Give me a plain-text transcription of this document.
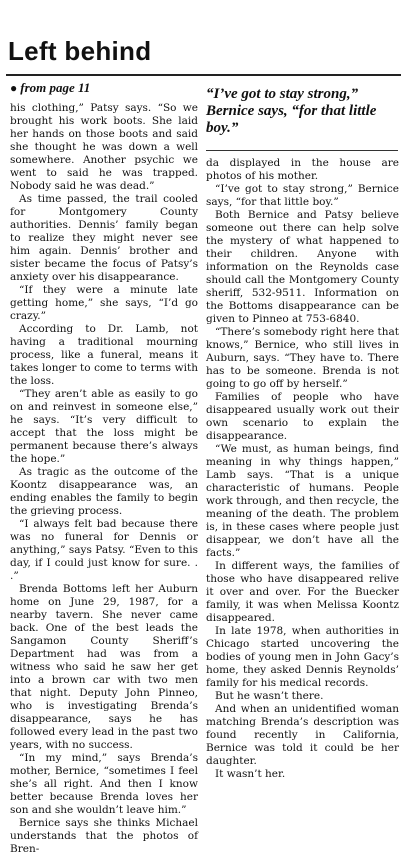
Left behind
● from page 11

his clothing,” Patsy says. “So we brought his work boots. She laid her hands on those boots and said she thought he was down a well somewhere. Another psychic we went to said he was trapped. Nobody said he was dead.”

As time passed, the trail cooled for Montgomery County authorities. Dennis’ family began to realize they might never see him again. Dennis’ brother and sister became the focus of Patsy’s anxiety over his disappearance.

“If they were a minute late getting home,” she says, “I’d go crazy.”

According to Dr. Lamb, not having a traditional mourning process, like a funeral, means it takes longer to come to terms with the loss.

“They aren’t able as easily to go on and reinvest in someone else,” he says. “It’s very difficult to accept that the loss might be permanent because there’s always the hope.”

As tragic as the outcome of the Koontz disappearance was, an ending enables the family to begin the grieving process.

“I always felt bad because there was no funeral for Dennis or anything,” says Patsy. “Even to this day, if I could just know for sure. . .”

Brenda Bottoms left her Auburn home on June 29, 1987, for a nearby tavern. She never came back. One of the best leads the Sangamon County Sheriff’s Department had was from a witness who said he saw her get into a brown car with two men that night. Deputy John Pinneo, who is investigating Brenda’s disappearance, says he has followed every lead in the past two years, with no success.

“In my mind,” says Brenda’s mother, Bernice, “sometimes I feel she’s all right. And then I know better because Brenda loves her son and she wouldn’t leave him.”

Bernice says she thinks Michael understands that the photos of Bren-

“I’ve got to stay strong,” Bernice says, “for that little boy.”

da displayed in the house are photos of his mother.

“I’ve got to stay strong,” Bernice says, “for that little boy.”

Both Bernice and Patsy believe someone out there can help solve the mystery of what happened to their children. Anyone with information on the Reynolds case should call the Montgomery County sheriff, 532-9511. Information on the Bottoms disappearance can be given to Pinneo at 753-6840.

“There’s somebody right here that knows,” Bernice, who still lives in Auburn, says. “They have to. There has to be someone. Brenda is not going to go off by herself.”

Families of people who have disappeared usually work out their own scenario to explain the disappearance.

“We must, as human beings, find meaning in why things happen,” Lamb says. “That is a unique characteristic of humans. People work through, and then recycle, the meaning of the death. The problem is, in these cases where people just disappear, we don’t have all the facts.”

In different ways, the families of those who have disappeared relive it over and over. For the Buecker family, it was when Melissa Koontz disappeared.

In late 1978, when authorities in Chicago started uncovering the bodies of young men in John Gacy’s home, they asked Dennis Reynolds’ family for his medical records.

But he wasn’t there.

And when an unidentified woman matching Brenda’s description was found recently in California, Bernice was told it could be her daughter.

It wasn’t her.
